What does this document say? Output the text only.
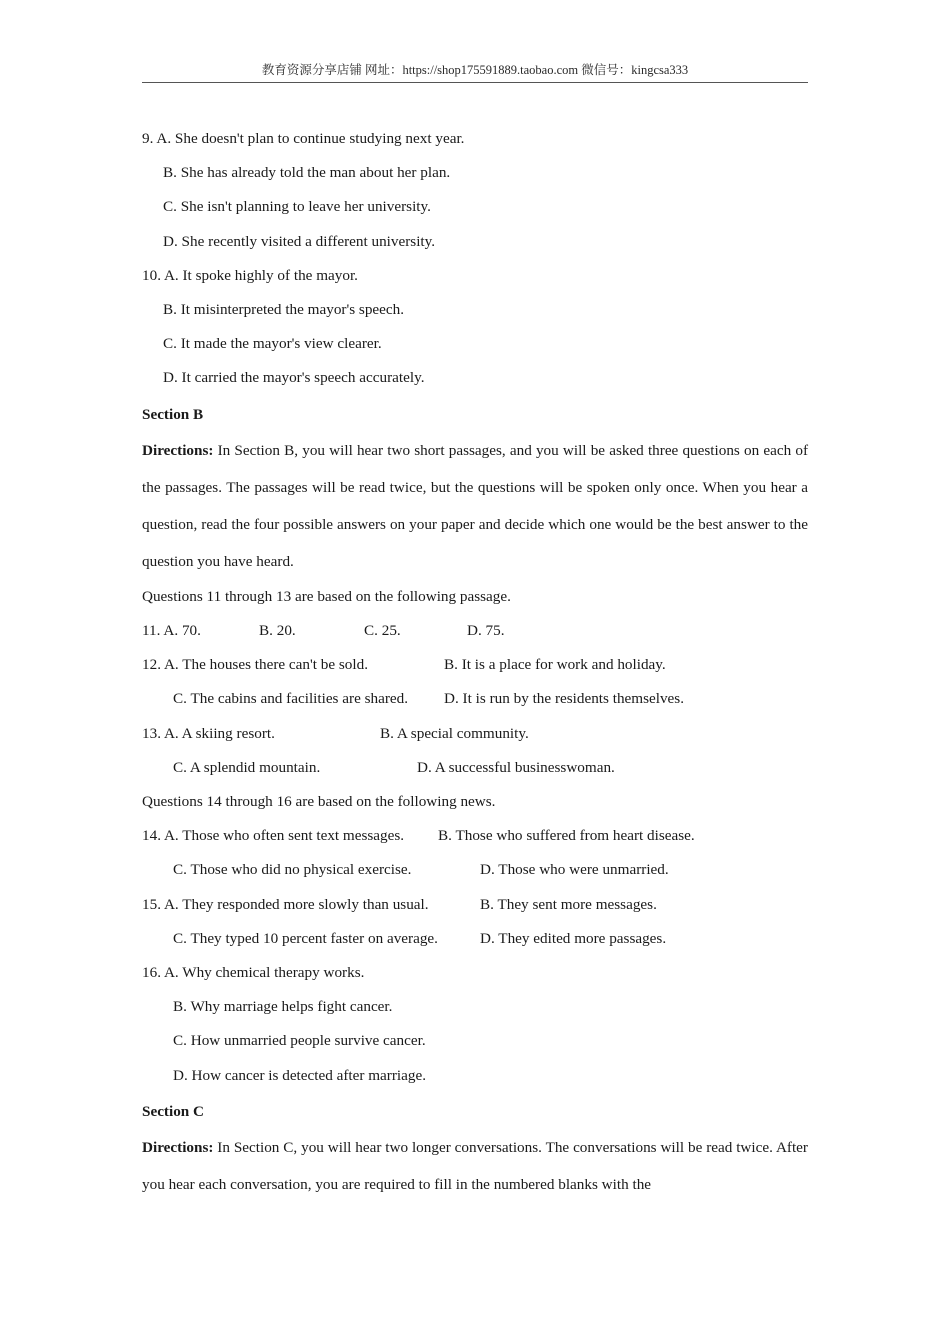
教育资源分享店铺 网址：https://shop175591889.taobao.com 微信号：kingcsa333
9. A. She doesn't plan to continue studying next year.
B. She has already told the man about her plan.
C. She isn't planning to leave her university.
D. She recently visited a different university.
10. A. It spoke highly of the mayor.
B. It misinterpreted the mayor's speech.
C. It made the mayor's view clearer.
D. It carried the mayor's speech accurately.
Section B

Directions: In Section B, you will hear two short passages, and you will be asked three questions on each of the passages. The passages will be read twice, but the questions will be spoken only once. When you hear a question, read the four possible answers on your paper and decide which one would be the best answer to the question you have heard.

Questions 11 through 13 are based on the following passage.
11. A. 70.	B. 20.	C. 25.	D. 75.
12. A. The houses there can't be sold.	B. It is a place for work and holiday.
C. The cabins and facilities are shared. D. It is run by the residents themselves.
13. A. A skiing resort.	B. A special community.
C. A splendid mountain.	D. A successful businesswoman.
Questions 14 through 16 are based on the following news.
14. A. Those who often sent text messages. B. Those who suffered from heart disease.
C. Those who did no physical exercise.	D. Those who were unmarried.
15. A. They responded more slowly than usual.	B. They sent more messages.
C. They typed 10 percent faster on average.	D. They edited more passages.
16. A. Why chemical therapy works.
B. Why marriage helps fight cancer.
C. How unmarried people survive cancer.
D. How cancer is detected after marriage.
Section C

Directions: In Section C, you will hear two longer conversations. The conversations will be read twice. After you hear each conversation, you are required to fill in the numbered blanks with the
